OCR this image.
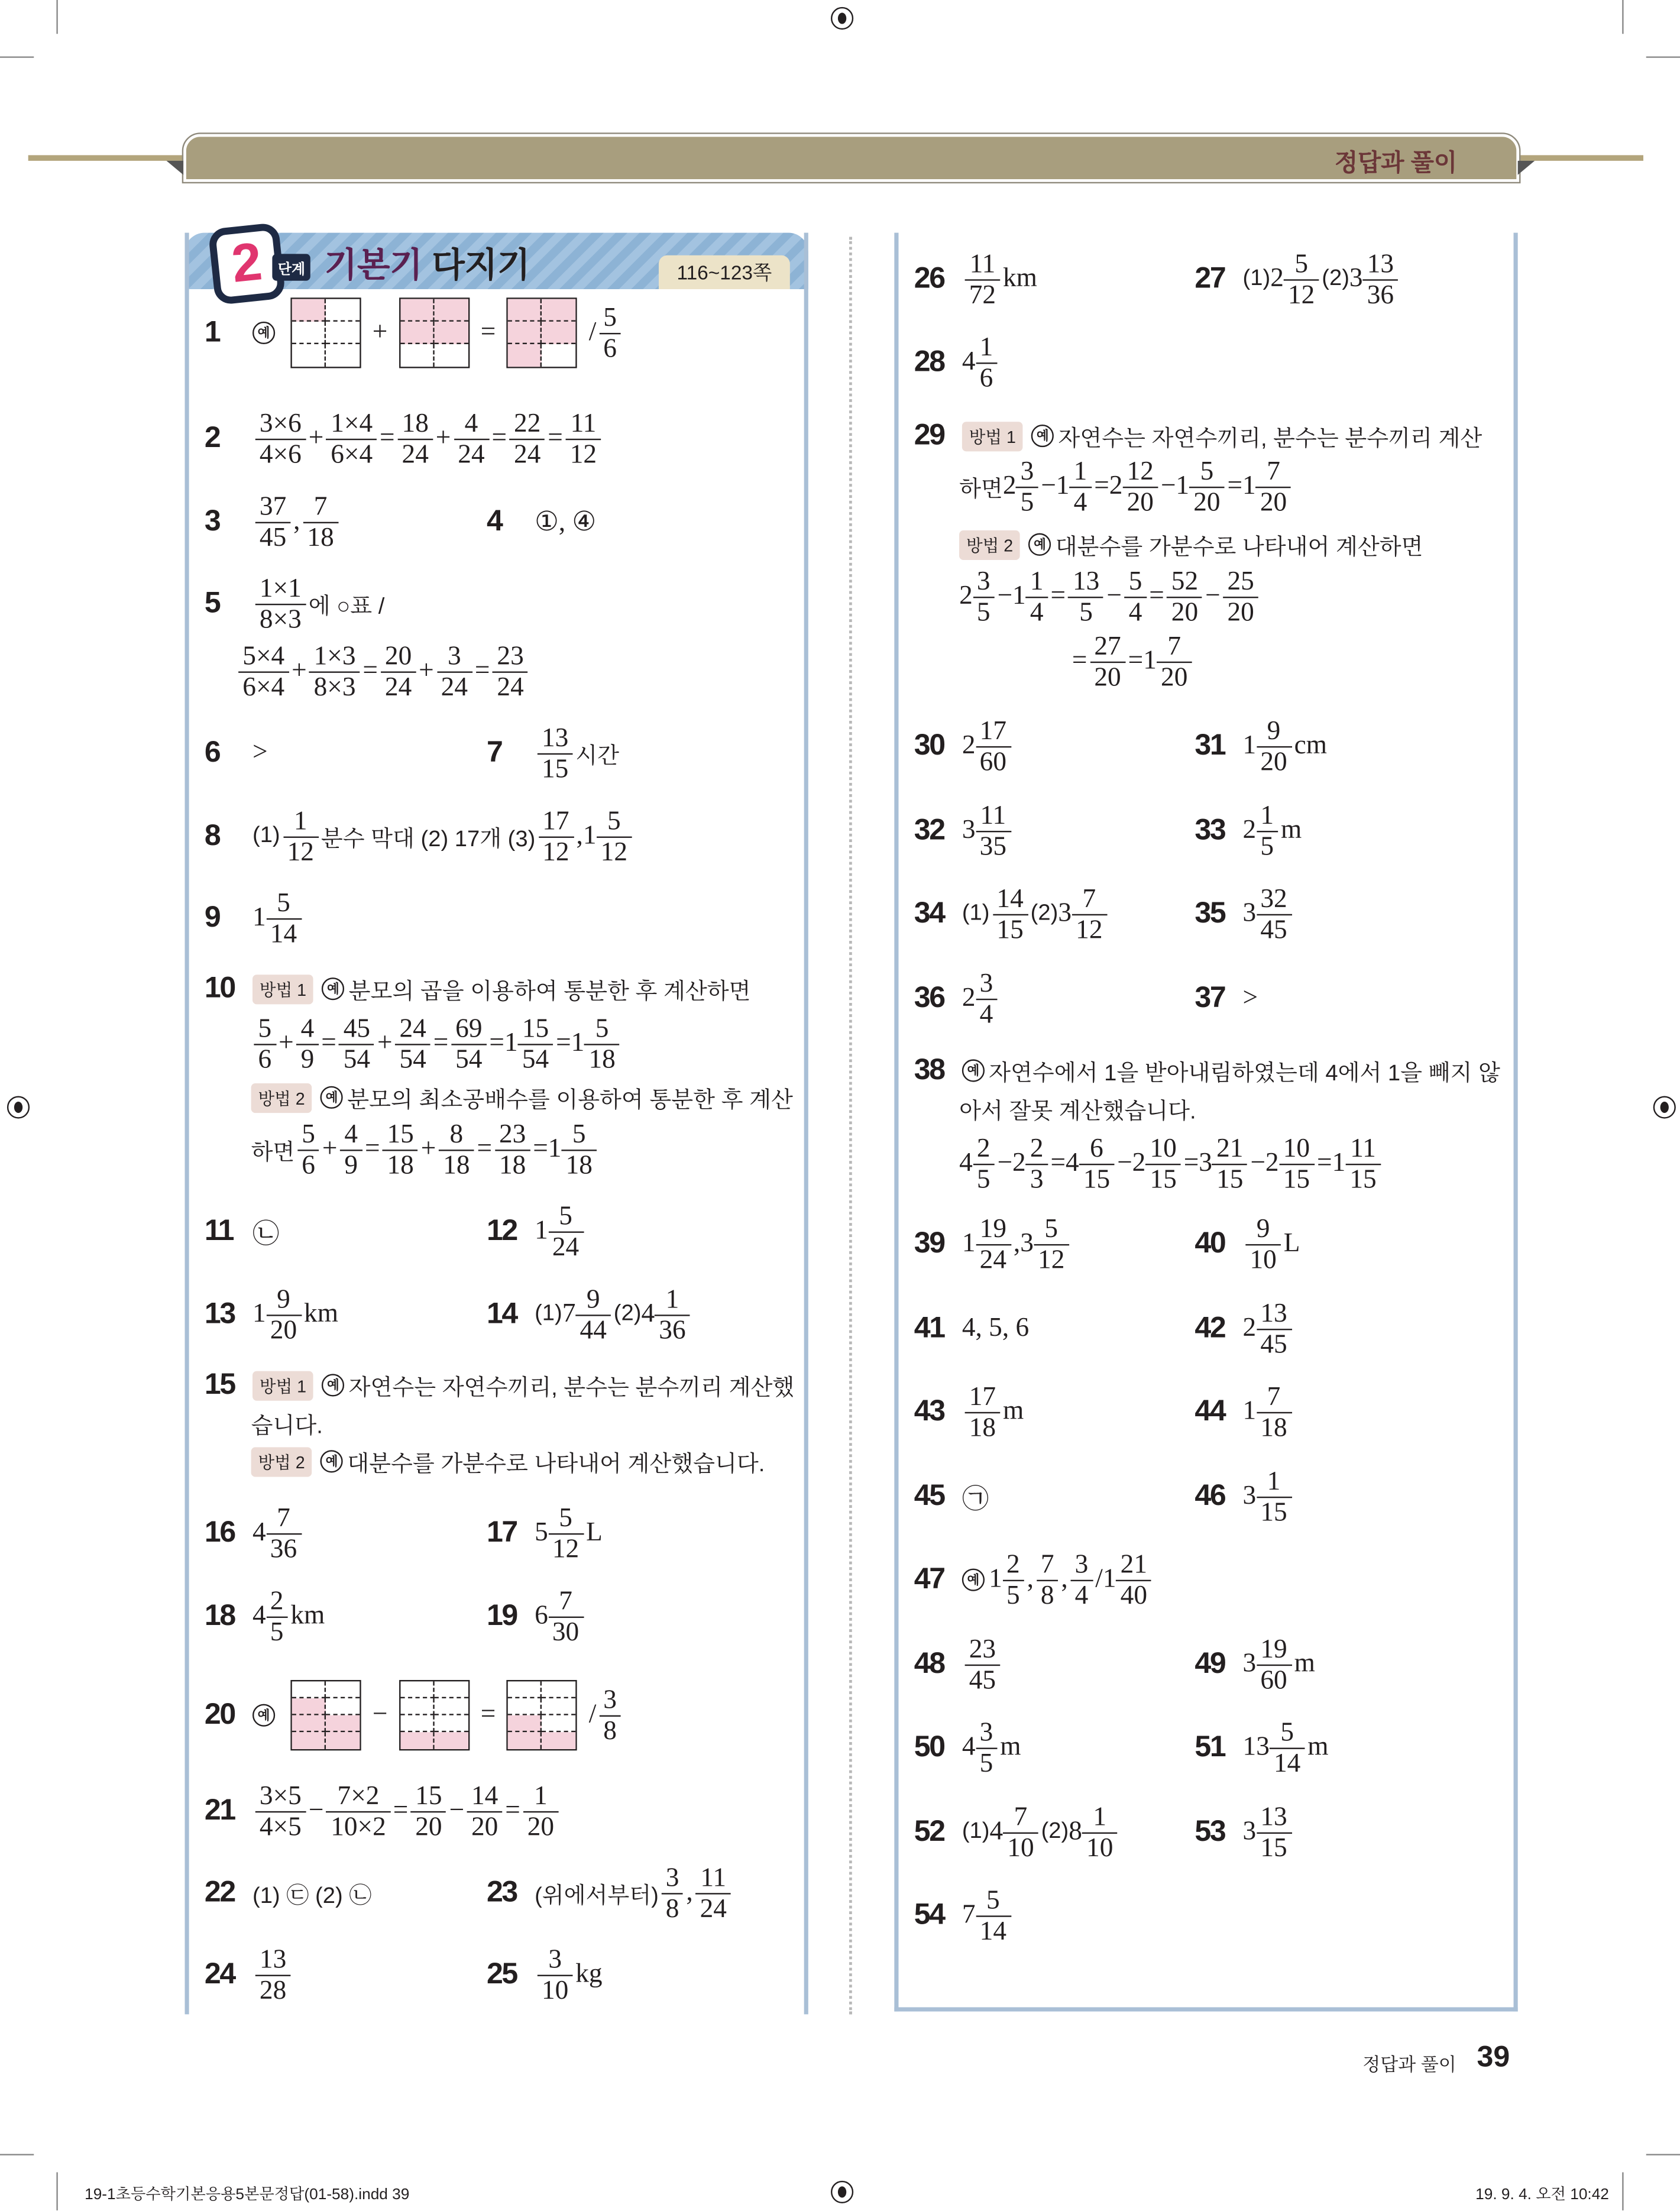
정답과 풀이
2	단계	기본기 다지기	116~123쪽
1	예	+	=	/ $\frac{5}{6}$
2	$\frac{3\times 6}{4\times 6} + \frac{1\times 4}{6\times 4} = \frac{18}{24} + \frac{4}{24} = \frac{22}{24} = \frac{11}{12}$
3	$\frac{37}{45}$ , $\frac{7}{18}$	4	①, ④
5	$\frac{1\times 1}{8\times 3}$ 에 ○표 /
$\frac{5\times 4}{6\times 4} + \frac{1\times 3}{8\times 3} = \frac{20}{24} + \frac{3}{24} = \frac{23}{24}$
6	>	7	$\frac{13}{15}$ 시간
8	$(1) \frac{1}{12}$ 분수 막대 (2) 17개 $(3) \frac{17}{12}$ , $1 \frac{5}{12}$
9	$1 \frac{5}{14}$
10	방법 1	예 분모의 곱을 이용하여 통분한 후 계산하면
$\frac{5}{6} + \frac{4}{9} = \frac{45}{54} + \frac{24}{54} = \frac{69}{54} = 1 \frac{15}{54} = 1 \frac{5}{18}$
방법 2	예 분모의 최소공배수를 이용하여 통분한 후 계산
하면 $\frac{5}{6} + \frac{4}{9} = \frac{15}{18} + \frac{8}{18} = \frac{23}{18} = 1 \frac{5}{18}$
11	㉡	12	$1 \frac{5}{24}$
13	$1 \frac{9}{20}$ km	14	(1) $7 \frac{9}{44} (2)$ $4 \frac{1}{36}$
15	방법 1	예 자연수는 자연수끼리, 분수는 분수끼리 계산했
습니다.
방법 2	예 대분수를 가분수로 나타내어 계산했습니다.
16	$4 \frac{7}{36}$	17	$5 \frac{5}{12}$ L
18	$4 \frac{2}{5}$ km	19	$6 \frac{7}{30}$
20	예	−	=	/ $\frac{3}{8}$
21	$\frac{3\times 5}{4\times 5} - \frac{7\times 2}{10\times 2} = \frac{15}{20} - \frac{14}{20} = \frac{1}{20}$
22	(1) ㉢ (2) ㉡	23	(위에서부터) $\frac{3}{8}$ , $\frac{11}{24}$
24	$\frac{13}{28}$	25	$\frac{3}{10}$ kg
26	$\frac{11}{72}$ km	27	(1) $2 \frac{5}{12} (2)$ $3 \frac{13}{36}$
28	$4 \frac{1}{6}$
29	방법 1	예 자연수는 자연수끼리, 분수는 분수끼리 계산
하면 $2 \frac{3}{5} - 1 \frac{1}{4} = 2 \frac{12}{20} - 1 \frac{5}{20} = 1 \frac{7}{20}$
방법 2	예 대분수를 가분수로 나타내어 계산하면
$2 \frac{3}{5} - 1 \frac{1}{4} = \frac{13}{5} - \frac{5}{4} = \frac{52}{20} - \frac{25}{20}$
= $\frac{27}{20} = 1 \frac{7}{20}$
30	$2 \frac{17}{60}$	31	$1 \frac{9}{20}$ cm
32	$3 \frac{11}{35}$	33	$2 \frac{1}{5}$ m
34	$(1) \frac{14}{15} (2)$ $3 \frac{7}{12}$	35	$3 \frac{32}{45}$
36	$2 \frac{3}{4}$	37	>
38	예 자연수에서 1을 받아내림하였는데 4에서 1을 빼지 않
아서 잘못 계산했습니다.
$4 \frac{2}{5} - 2 \frac{2}{3} = 4 \frac{6}{15} - 2 \frac{10}{15} = 3 \frac{21}{15} - 2 \frac{10}{15} = 1 \frac{11}{15}$
39	$1 \frac{19}{24}$ , $3 \frac{5}{12}$	40	$\frac{9}{10}$ L
41	4, 5, 6	42	$2 \frac{13}{45}$
43	$\frac{17}{18}$ m	44	$1 \frac{7}{18}$
45	㉠	46	$3 \frac{1}{15}$
47	예 $1 \frac{2}{5}$ , $\frac{7}{8}$ , $\frac{3}{4} / 1 \frac{21}{40}$
48	$\frac{23}{45}$	49	$3 \frac{19}{60}$ m
50	$4 \frac{3}{5}$ m	51	$13 \frac{5}{14}$ m
52	(1) $4 \frac{7}{10} (2)$ $8 \frac{1}{10}$	53	$3 \frac{13}{15}$
54	$7 \frac{5}{14}$
정답과 풀이 39
19-1초등수학기본응용5본문정답(01-58).indd 39	19. 9. 4. 오전 10:42
